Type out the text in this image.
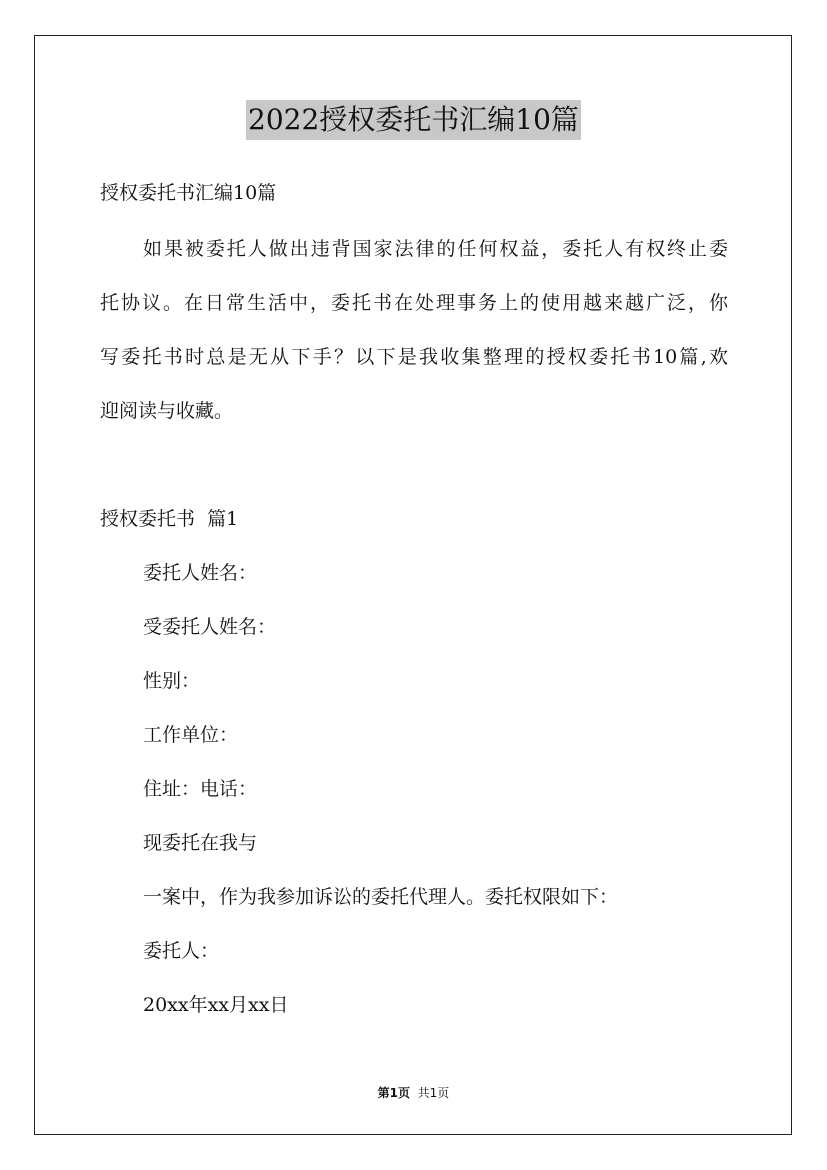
2022授权委托书汇编10篇
授权委托书汇编10篇
如果被委托人做出违背国家法律的任何权益，委托人有权终止委
托协议。在日常生活中，委托书在处理事务上的使用越来越广泛，你
写委托书时总是无从下手？以下是我收集整理的授权委托书10篇,欢
迎阅读与收藏。
授权委托书  篇1
委托人姓名：
受委托人姓名：
性别：
工作单位：
住址：电话：
现委托在我与
一案中，作为我参加诉讼的委托代理人。委托权限如下：
委托人：
20xx年xx月xx日
第1页 共1页
